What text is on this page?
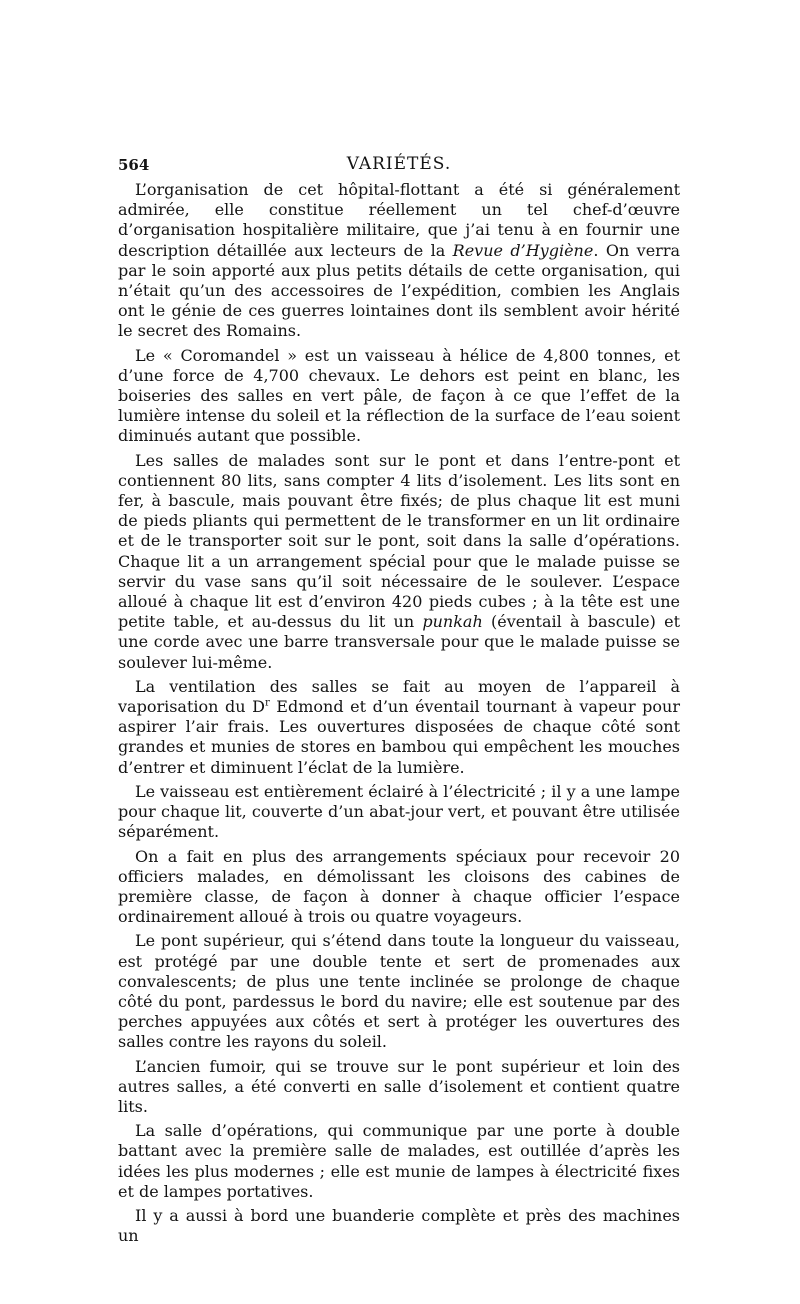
564	VARIÉTÉS.

L’organisation de cet hôpital-flottant a été si généralement admirée, elle constitue réellement un tel chef-d’œuvre d’organisation hospitalière militaire, que j’ai tenu à en fournir une description détaillée aux lecteurs de la Revue d’Hygiène. On verra par le soin apporté aux plus petits détails de cette organisation, qui n’était qu’un des accessoires de l’expédition, combien les Anglais ont le génie de ces guerres lointaines dont ils semblent avoir hérité le secret des Romains.

Le « Coromandel » est un vaisseau à hélice de 4,800 tonnes, et d’une force de 4,700 chevaux. Le dehors est peint en blanc, les boiseries des salles en vert pâle, de façon à ce que l’effet de la lumière intense du soleil et la réflection de la surface de l’eau soient diminués autant que possible.

Les salles de malades sont sur le pont et dans l’entre-pont et contiennent 80 lits, sans compter 4 lits d’isolement. Les lits sont en fer, à bascule, mais pouvant être fixés; de plus chaque lit est muni de pieds pliants qui permettent de le transformer en un lit ordinaire et de le transporter soit sur le pont, soit dans la salle d’opérations. Chaque lit a un arrangement spécial pour que le malade puisse se servir du vase sans qu’il soit nécessaire de le soulever. L’espace alloué à chaque lit est d’environ 420 pieds cubes ; à la tête est une petite table, et au-dessus du lit un punkah (éventail à bascule) et une corde avec une barre transversale pour que le malade puisse se soulever lui-même.

La ventilation des salles se fait au moyen de l’appareil à vaporisation du $D^r$ Edmond et d’un éventail tournant à vapeur pour aspirer l’air frais. Les ouvertures disposées de chaque côté sont grandes et munies de stores en bambou qui empêchent les mouches d’entrer et diminuent l’éclat de la lumière.

Le vaisseau est entièrement éclairé à l’électricité ; il y a une lampe pour chaque lit, couverte d’un abat-jour vert, et pouvant être utilisée séparément.

On a fait en plus des arrangements spéciaux pour recevoir 20 officiers malades, en démolissant les cloisons des cabines de première classe, de façon à donner à chaque officier l’espace ordinairement alloué à trois ou quatre voyageurs.

Le pont supérieur, qui s’étend dans toute la longueur du vaisseau, est protégé par une double tente et sert de promenades aux convalescents; de plus une tente inclinée se prolonge de chaque côté du pont, pardessus le bord du navire; elle est soutenue par des perches appuyées aux côtés et sert à protéger les ouvertures des salles contre les rayons du soleil.

L’ancien fumoir, qui se trouve sur le pont supérieur et loin des autres salles, a été converti en salle d’isolement et contient quatre lits.

La salle d’opérations, qui communique par une porte à double battant avec la première salle de malades, est outillée d’après les idées les plus modernes ; elle est munie de lampes à électricité fixes et de lampes portatives.

Il y a aussi à bord une buanderie complète et près des machines un
